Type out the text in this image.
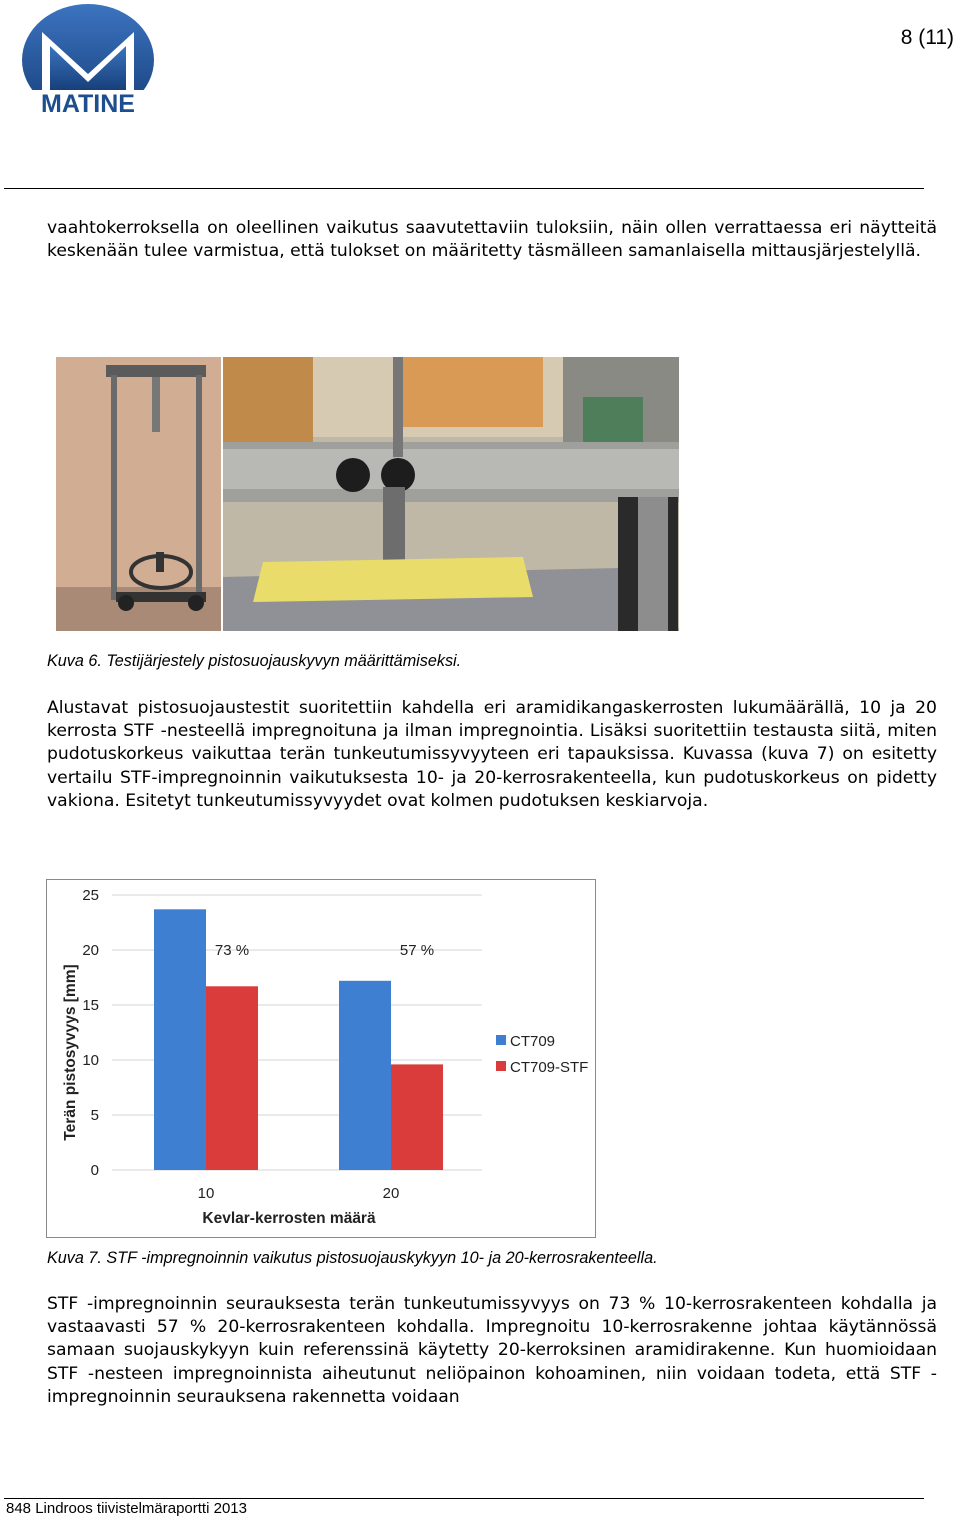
MATINE
8 (11)
vaahtokerroksella on oleellinen vaikutus saavutettaviin tuloksiin, näin ollen verrattaessa eri näytteitä keskenään tulee varmistua, että tulokset on määritetty täsmälleen samanlaisella mittausjärjestelyllä.
Kuva 6. Testijärjestely pistosuojauskyvyn määrittämiseksi.
Alustavat pistosuojaustestit suoritettiin kahdella eri aramidikangaskerrosten lukumäärällä, 10 ja 20 kerrosta STF -nesteellä impregnoituna ja ilman impregnointia. Lisäksi suoritettiin testausta siitä, miten pudotuskorkeus vaikuttaa terän tunkeutumissyvyyteen eri tapauksissa. Kuvassa (kuva 7) on esitetty vertailu STF-impregnoinnin vaikutuksesta 10- ja 20-kerrosrakenteella, kun pudotuskorkeus on pidetty vakiona. Esitetyt tunkeutumissyvyydet ovat kolmen pudotuksen keskiarvoja.
0
5
10
15
20
25
10	20
73 %	57 %
CT709
CT709-STF
Terän pistosyvyys [mm]
Kevlar-kerrosten määrä
Kuva 7. STF -impregnoinnin vaikutus pistosuojauskykyyn 10- ja 20-kerrosrakenteella.
STF -impregnoinnin seurauksesta terän tunkeutumissyvyys on 73 % 10-kerrosrakenteen kohdalla ja vastaavasti 57 % 20-kerrosrakenteen kohdalla. Impregnoitu 10-kerrosrakenne johtaa käytännössä samaan suojauskykyyn kuin referenssinä käytetty 20-kerroksinen aramidirakenne. Kun huomioidaan STF -nesteen impregnoinnista aiheutunut neliöpainon kohoaminen, niin voidaan todeta, että STF -impregnoinnin seurauksena rakennetta voidaan
848 Lindroos tiivistelmäraportti 2013
